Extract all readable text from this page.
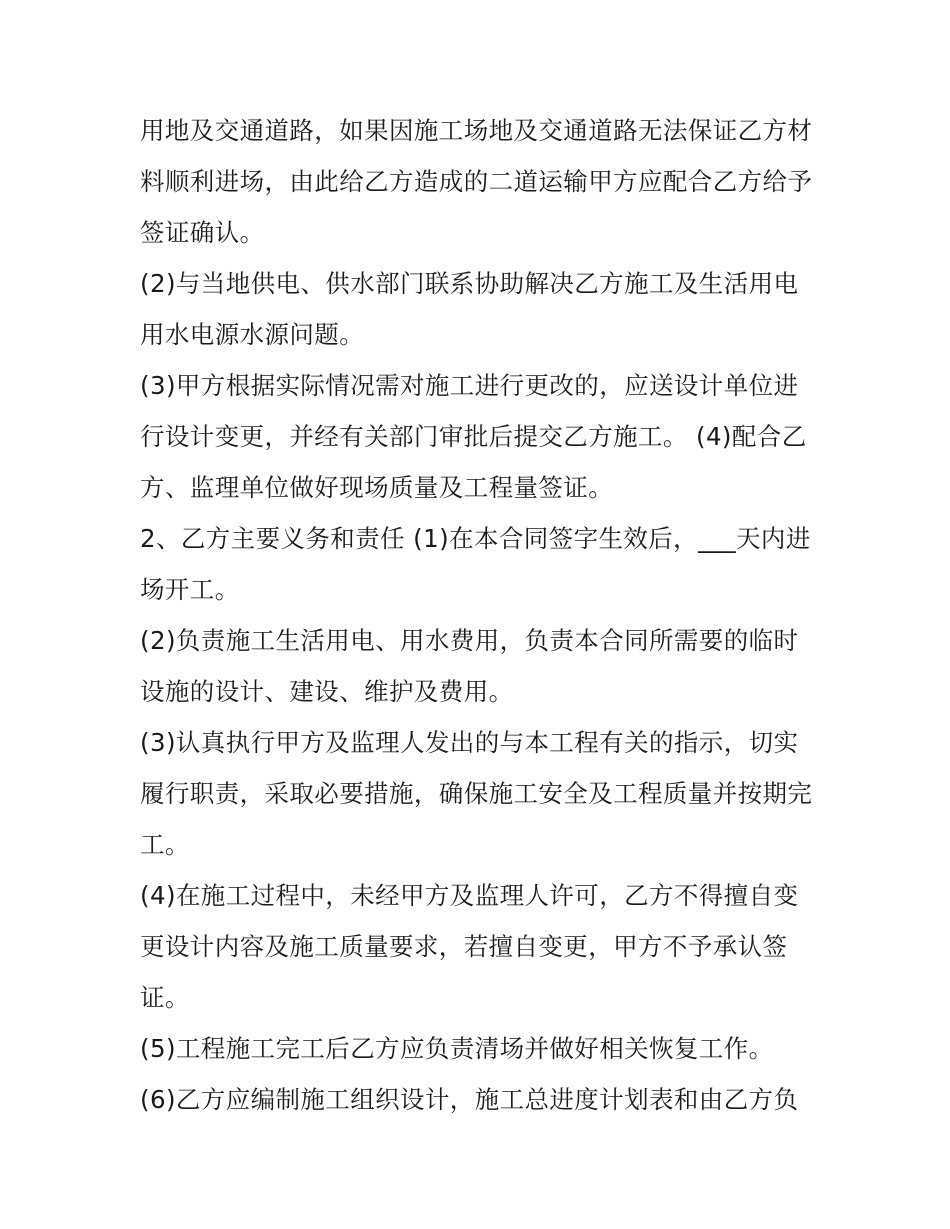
用地及交通道路，如果因施工场地及交通道路无法保证乙方材
料顺利进场，由此给乙方造成的二道运输甲方应配合乙方给予
签证确认。
(2)与当地供电、供水部门联系协助解决乙方施工及生活用电
用水电源水源问题。
(3)甲方根据实际情况需对施工进行更改的，应送设计单位进
行设计变更，并经有关部门审批后提交乙方施工。 (4)配合乙
方、监理单位做好现场质量及工程量签证。
2、乙方主要义务和责任 (1)在本合同签字生效后，___天内进
场开工。
(2)负责施工生活用电、用水费用，负责本合同所需要的临时
设施的设计、建设、维护及费用。
(3)认真执行甲方及监理人发出的与本工程有关的指示，切实
履行职责，采取必要措施，确保施工安全及工程质量并按期完
工。
(4)在施工过程中，未经甲方及监理人许可，乙方不得擅自变
更设计内容及施工质量要求，若擅自变更，甲方不予承认签
证。
(5)工程施工完工后乙方应负责清场并做好相关恢复工作。
(6)乙方应编制施工组织设计，施工总进度计划表和由乙方负
